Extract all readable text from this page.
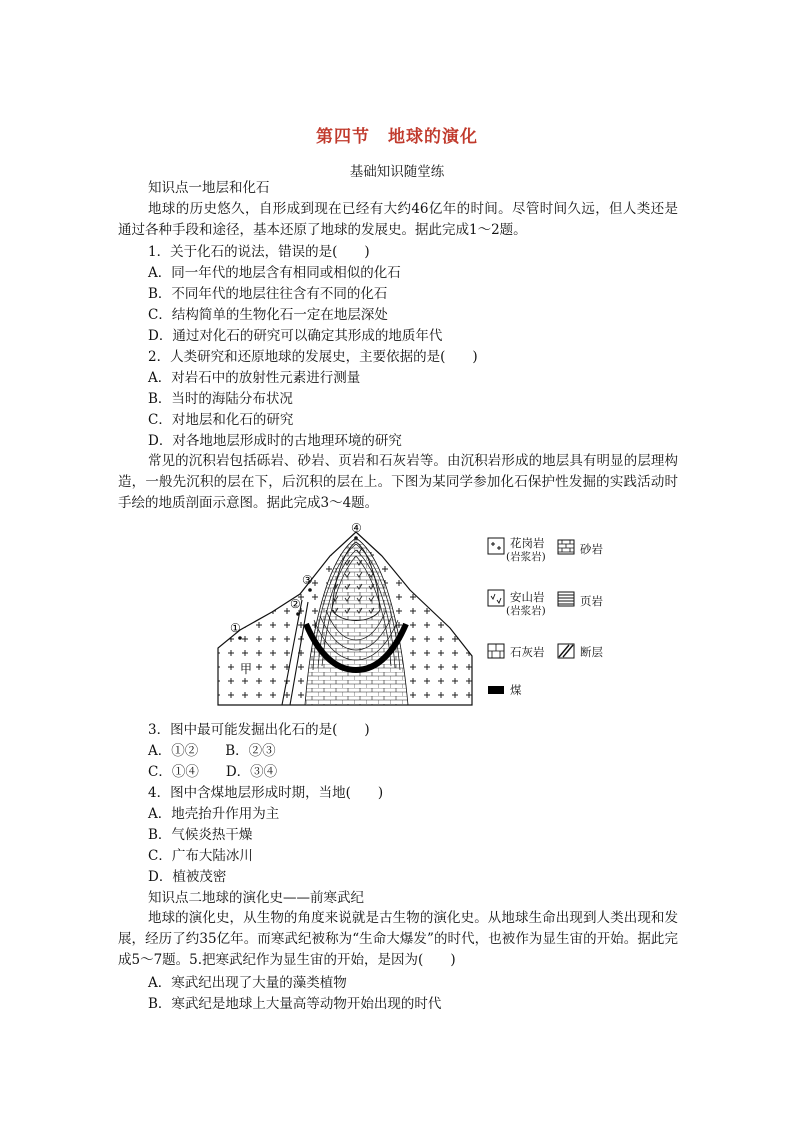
第四节　地球的演化
基础知识随堂练
知识点一地层和化石
地球的历史悠久，自形成到现在已经有大约46亿年的时间。尽管时间久远，但人类还是通过各种手段和途径，基本还原了地球的发展史。据此完成1～2题。
1．关于化石的说法，错误的是(　　)
A．同一年代的地层含有相同或相似的化石
B．不同年代的地层往往含有不同的化石
C．结构简单的生物化石一定在地层深处
D．通过对化石的研究可以确定其形成的地质年代
2．人类研究和还原地球的发展史，主要依据的是(　　)
A．对岩石中的放射性元素进行测量
B．当时的海陆分布状况
C．对地层和化石的研究
D．对各地地层形成时的古地理环境的研究
常见的沉积岩包括砾岩、砂岩、页岩和石灰岩等。由沉积岩形成的地层具有明显的层理构造，一般先沉积的层在下，后沉积的层在上。下图为某同学参加化石保护性发掘的实践活动时手绘的地质剖面示意图。据此完成3～4题。
①
②
③
④
甲
花岗岩
(岩浆岩)
砂岩
安山岩
(岩浆岩)
页岩
石灰岩	断层
煤
3．图中最可能发掘出化石的是(　　)
A．①②　　B．②③
C．①④　　D．③④
4．图中含煤地层形成时期，当地(　　)
A．地壳抬升作用为主
B．气候炎热干燥
C．广布大陆冰川
D．植被茂密
知识点二地球的演化史——前寒武纪
地球的演化史，从生物的角度来说就是古生物的演化史。从地球生命出现到人类出现和发展，经历了约35亿年。而寒武纪被称为“生命大爆发”的时代，也被作为显生宙的开始。据此完成5～7题。5.把寒武纪作为显生宙的开始，是因为(　　)
A．寒武纪出现了大量的藻类植物
B．寒武纪是地球上大量高等动物开始出现的时代
